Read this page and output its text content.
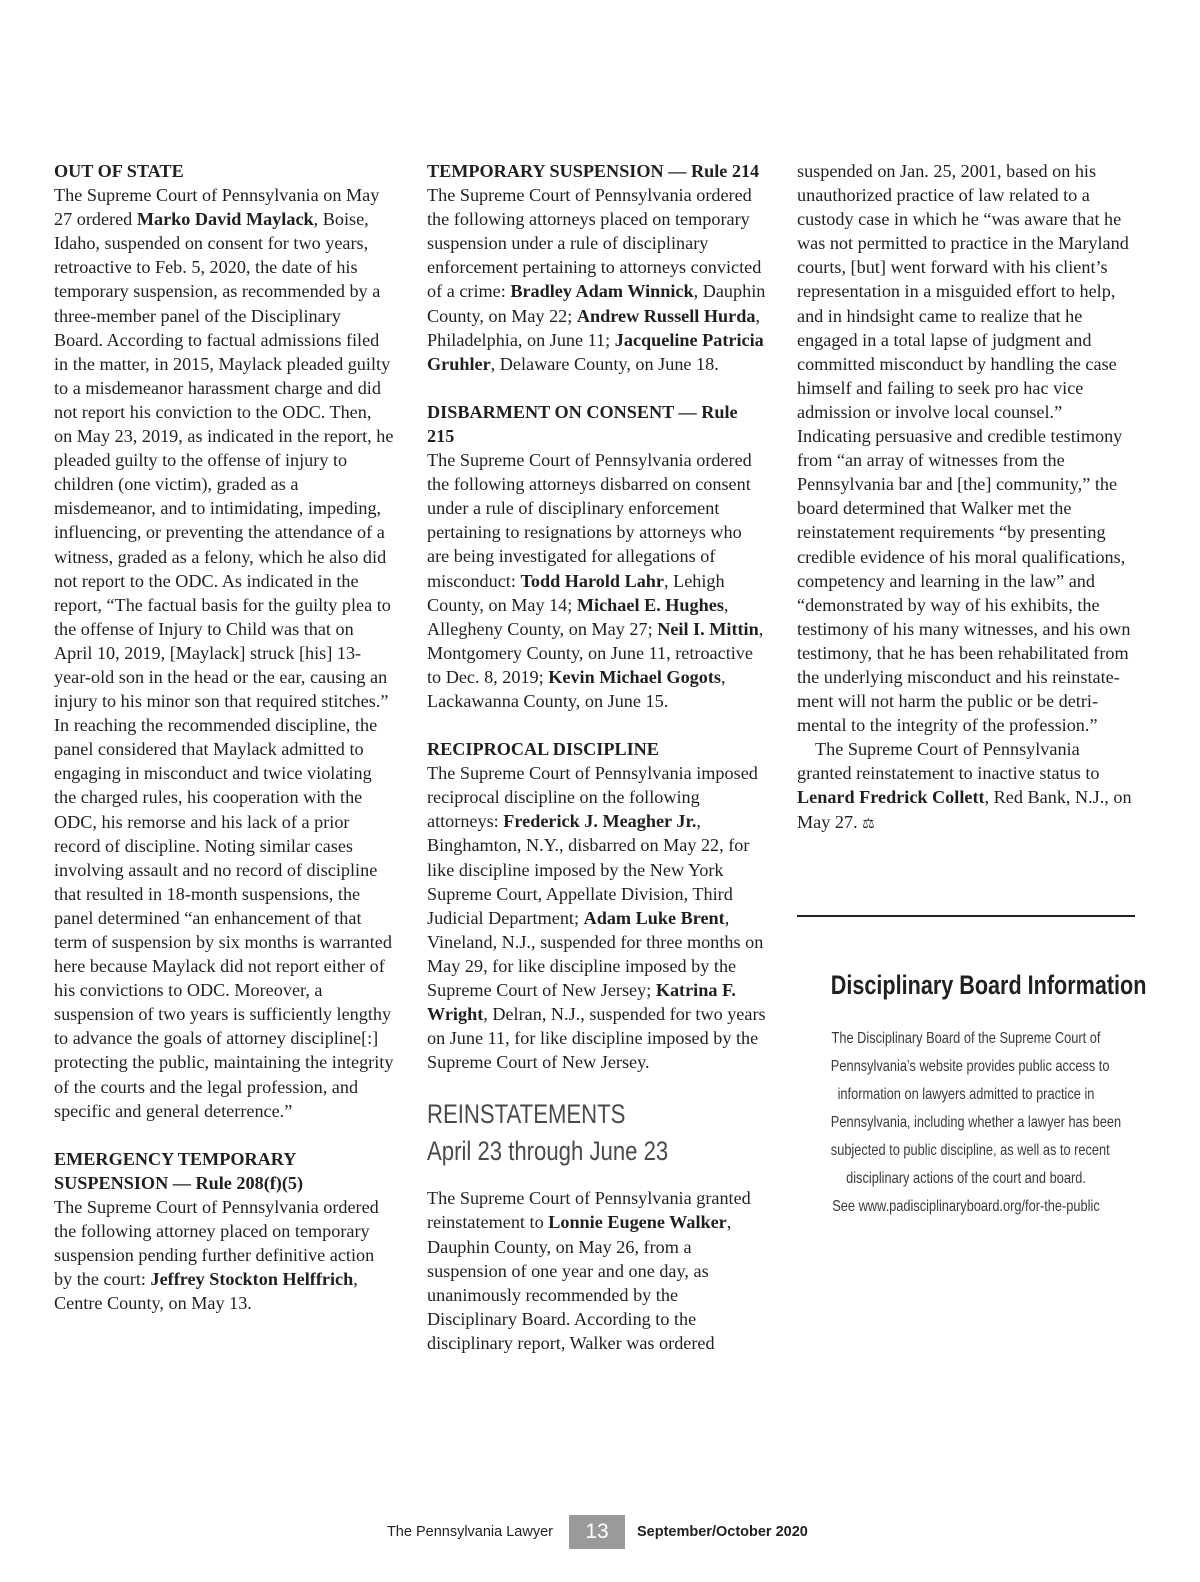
OUT OF STATE

The Supreme Court of Pennsylvania on May 27 ordered Marko David Maylack, Boise, Idaho, suspended on consent for two years, retroactive to Feb. 5, 2020, the date of his temporary suspension, as recommended by a three-member panel of the Disciplinary Board. According to factual admissions filed in the matter, in 2015, Maylack pleaded guilty to a misdemeanor harassment charge and did not report his conviction to the ODC. Then, on May 23, 2019, as indicated in the report, he pleaded guilty to the offense of injury to children (one victim), graded as a misdemeanor, and to intimidating, impeding, influencing, or preventing the attendance of a witness, graded as a felony, which he also did not report to the ODC. As indicated in the report, “The factual basis for the guilty plea to the offense of Injury to Child was that on April 10, 2019, [Maylack] struck [his] 13-year-old son in the head or the ear, causing an injury to his minor son that required stitches.” In reaching the recommended discipline, the panel considered that Maylack admitted to engaging in misconduct and twice violating the charged rules, his cooperation with the ODC, his remorse and his lack of a prior record of discipline. Noting similar cases involving assault and no record of discipline that resulted in 18-month suspensions, the panel determined “an enhancement of that term of suspension by six months is warranted here because Maylack did not report either of his convictions to ODC. Moreover, a suspension of two years is sufficiently lengthy to advance the goals of attorney discipline[:] protecting the public, maintaining the integrity of the courts and the legal profession, and specific and general deterrence.”

EMERGENCY TEMPORARY SUSPENSION — Rule 208(f)(5)

The Supreme Court of Pennsylvania ordered the following attorney placed on temporary suspension pending further definitive action by the court: Jeffrey Stockton Helffrich, Centre County, on May 13.

TEMPORARY SUSPENSION — Rule 214

The Supreme Court of Pennsylvania ordered the following attorneys placed on temporary suspension under a rule of disciplinary enforcement pertaining to attorneys convicted of a crime: Bradley Adam Winnick, Dauphin County, on May 22; Andrew Russell Hurda, Philadelphia, on June 11; Jacqueline Patricia Gruhler, Delaware County, on June 18.

DISBARMENT ON CONSENT — Rule 215

The Supreme Court of Pennsylvania ordered the following attorneys disbarred on consent under a rule of disciplinary enforcement pertaining to resignations by attorneys who are being investigated for allegations of misconduct: Todd Harold Lahr, Lehigh County, on May 14; Michael E. Hughes, Allegheny County, on May 27; Neil I. Mittin, Montgomery County, on June 11, retroactive to Dec. 8, 2019; Kevin Michael Gogots, Lackawanna County, on June 15.

RECIPROCAL DISCIPLINE

The Supreme Court of Pennsylvania imposed reciprocal discipline on the following attorneys: Frederick J. Meagher Jr., Binghamton, N.Y., disbarred on May 22, for like discipline imposed by the New York Supreme Court, Appellate Division, Third Judicial Department; Adam Luke Brent, Vineland, N.J., suspended for three months on May 29, for like discipline imposed by the Supreme Court of New Jersey; Katrina F. Wright, Delran, N.J., suspended for two years on June 11, for like discipline imposed by the Supreme Court of New Jersey.

REINSTATEMENTS
April 23 through June 23

The Supreme Court of Pennsylvania granted reinstatement to Lonnie Eugene Walker, Dauphin County, on May 26, from a suspension of one year and one day, as unanimously recommended by the Disciplinary Board. According to the disciplinary report, Walker was ordered

suspended on Jan. 25, 2001, based on his unauthorized practice of law related to a custody case in which he “was aware that he was not permitted to practice in the Maryland courts, [but] went forward with his client’s representation in a misguided effort to help, and in hindsight came to realize that he engaged in a total lapse of judgment and committed misconduct by handling the case himself and failing to seek pro hac vice admission or involve local counsel.” Indicating persuasive and credible testimony from “an array of witnesses from the Pennsylvania bar and [the] community,” the board determined that Walker met the reinstatement requirements “by presenting credible evidence of his moral qualifications, competency and learning in the law” and “demonstrated by way of his exhibits, the testimony of his many witnesses, and his own testimony, that he has been rehabilitated from the underlying misconduct and his reinstatement will not harm the public or be detrimental to the integrity of the profession.”

The Supreme Court of Pennsylvania granted reinstatement to inactive status to Lenard Fredrick Collett, Red Bank, N.J., on May 27. ⚖

Disciplinary Board Information
The Disciplinary Board of the Supreme Court of
Pennsylvania’s website provides public access to
information on lawyers admitted to practice in
Pennsylvania, including whether a lawyer has been
subjected to public discipline, as well as to recent
disciplinary actions of the court and board.
See www.padisciplinaryboard.org/for-the-public
The Pennsylvania Lawyer	13	September/October 2020
